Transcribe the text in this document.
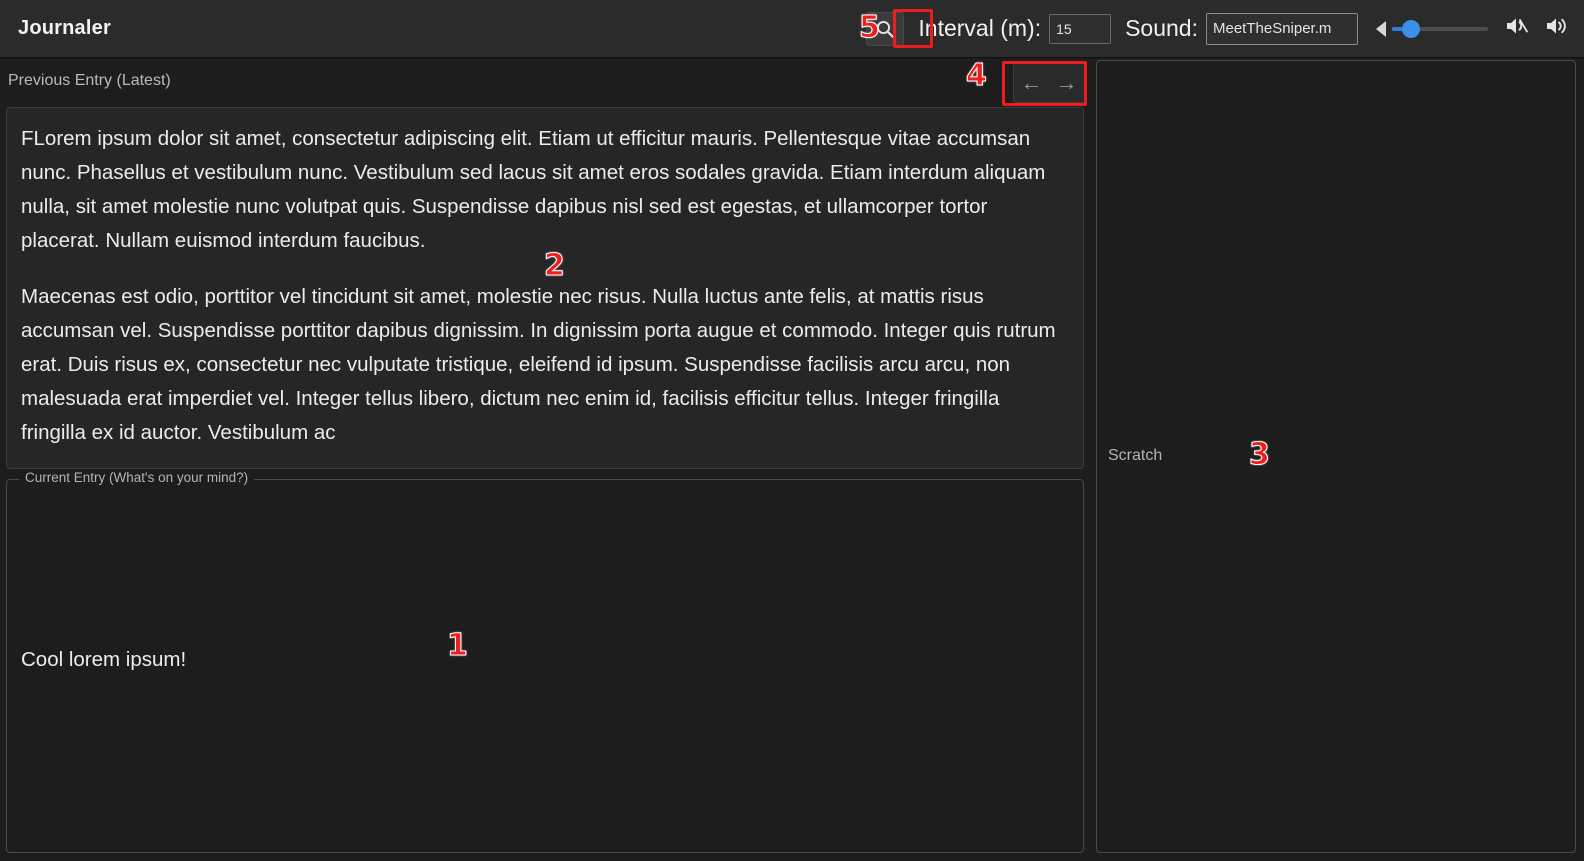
Journaler	Interval (m):
15	Sound:
MeetTheSniper.m
Previous Entry (Latest)	← →

FLorem ipsum dolor sit amet, consectetur adipiscing elit. Etiam ut efficitur mauris. Pellentesque vitae accumsan nunc. Phasellus et vestibulum nunc. Vestibulum sed lacus sit amet eros sodales gravida. Etiam interdum aliquam nulla, sit amet molestie nunc volutpat quis. Suspendisse dapibus nisl sed est egestas, et ullamcorper tortor placerat. Nullam euismod interdum faucibus.

Maecenas est odio, porttitor vel tincidunt sit amet, molestie nec risus. Nulla luctus ante felis, at mattis risus accumsan vel. Suspendisse porttitor dapibus dignissim. In dignissim porta augue et commodo. Integer quis rutrum erat. Duis risus ex, consectetur nec vulputate tristique, eleifend id ipsum. Suspendisse facilisis arcu arcu, non malesuada erat imperdiet vel. Integer tellus libero, dictum nec enim id, facilisis efficitur tellus. Integer fringilla fringilla ex id auctor. Vestibulum ac

Current Entry (What's on your mind?)
Cool lorem ipsum!
Scratch
1
2
3
4
5
